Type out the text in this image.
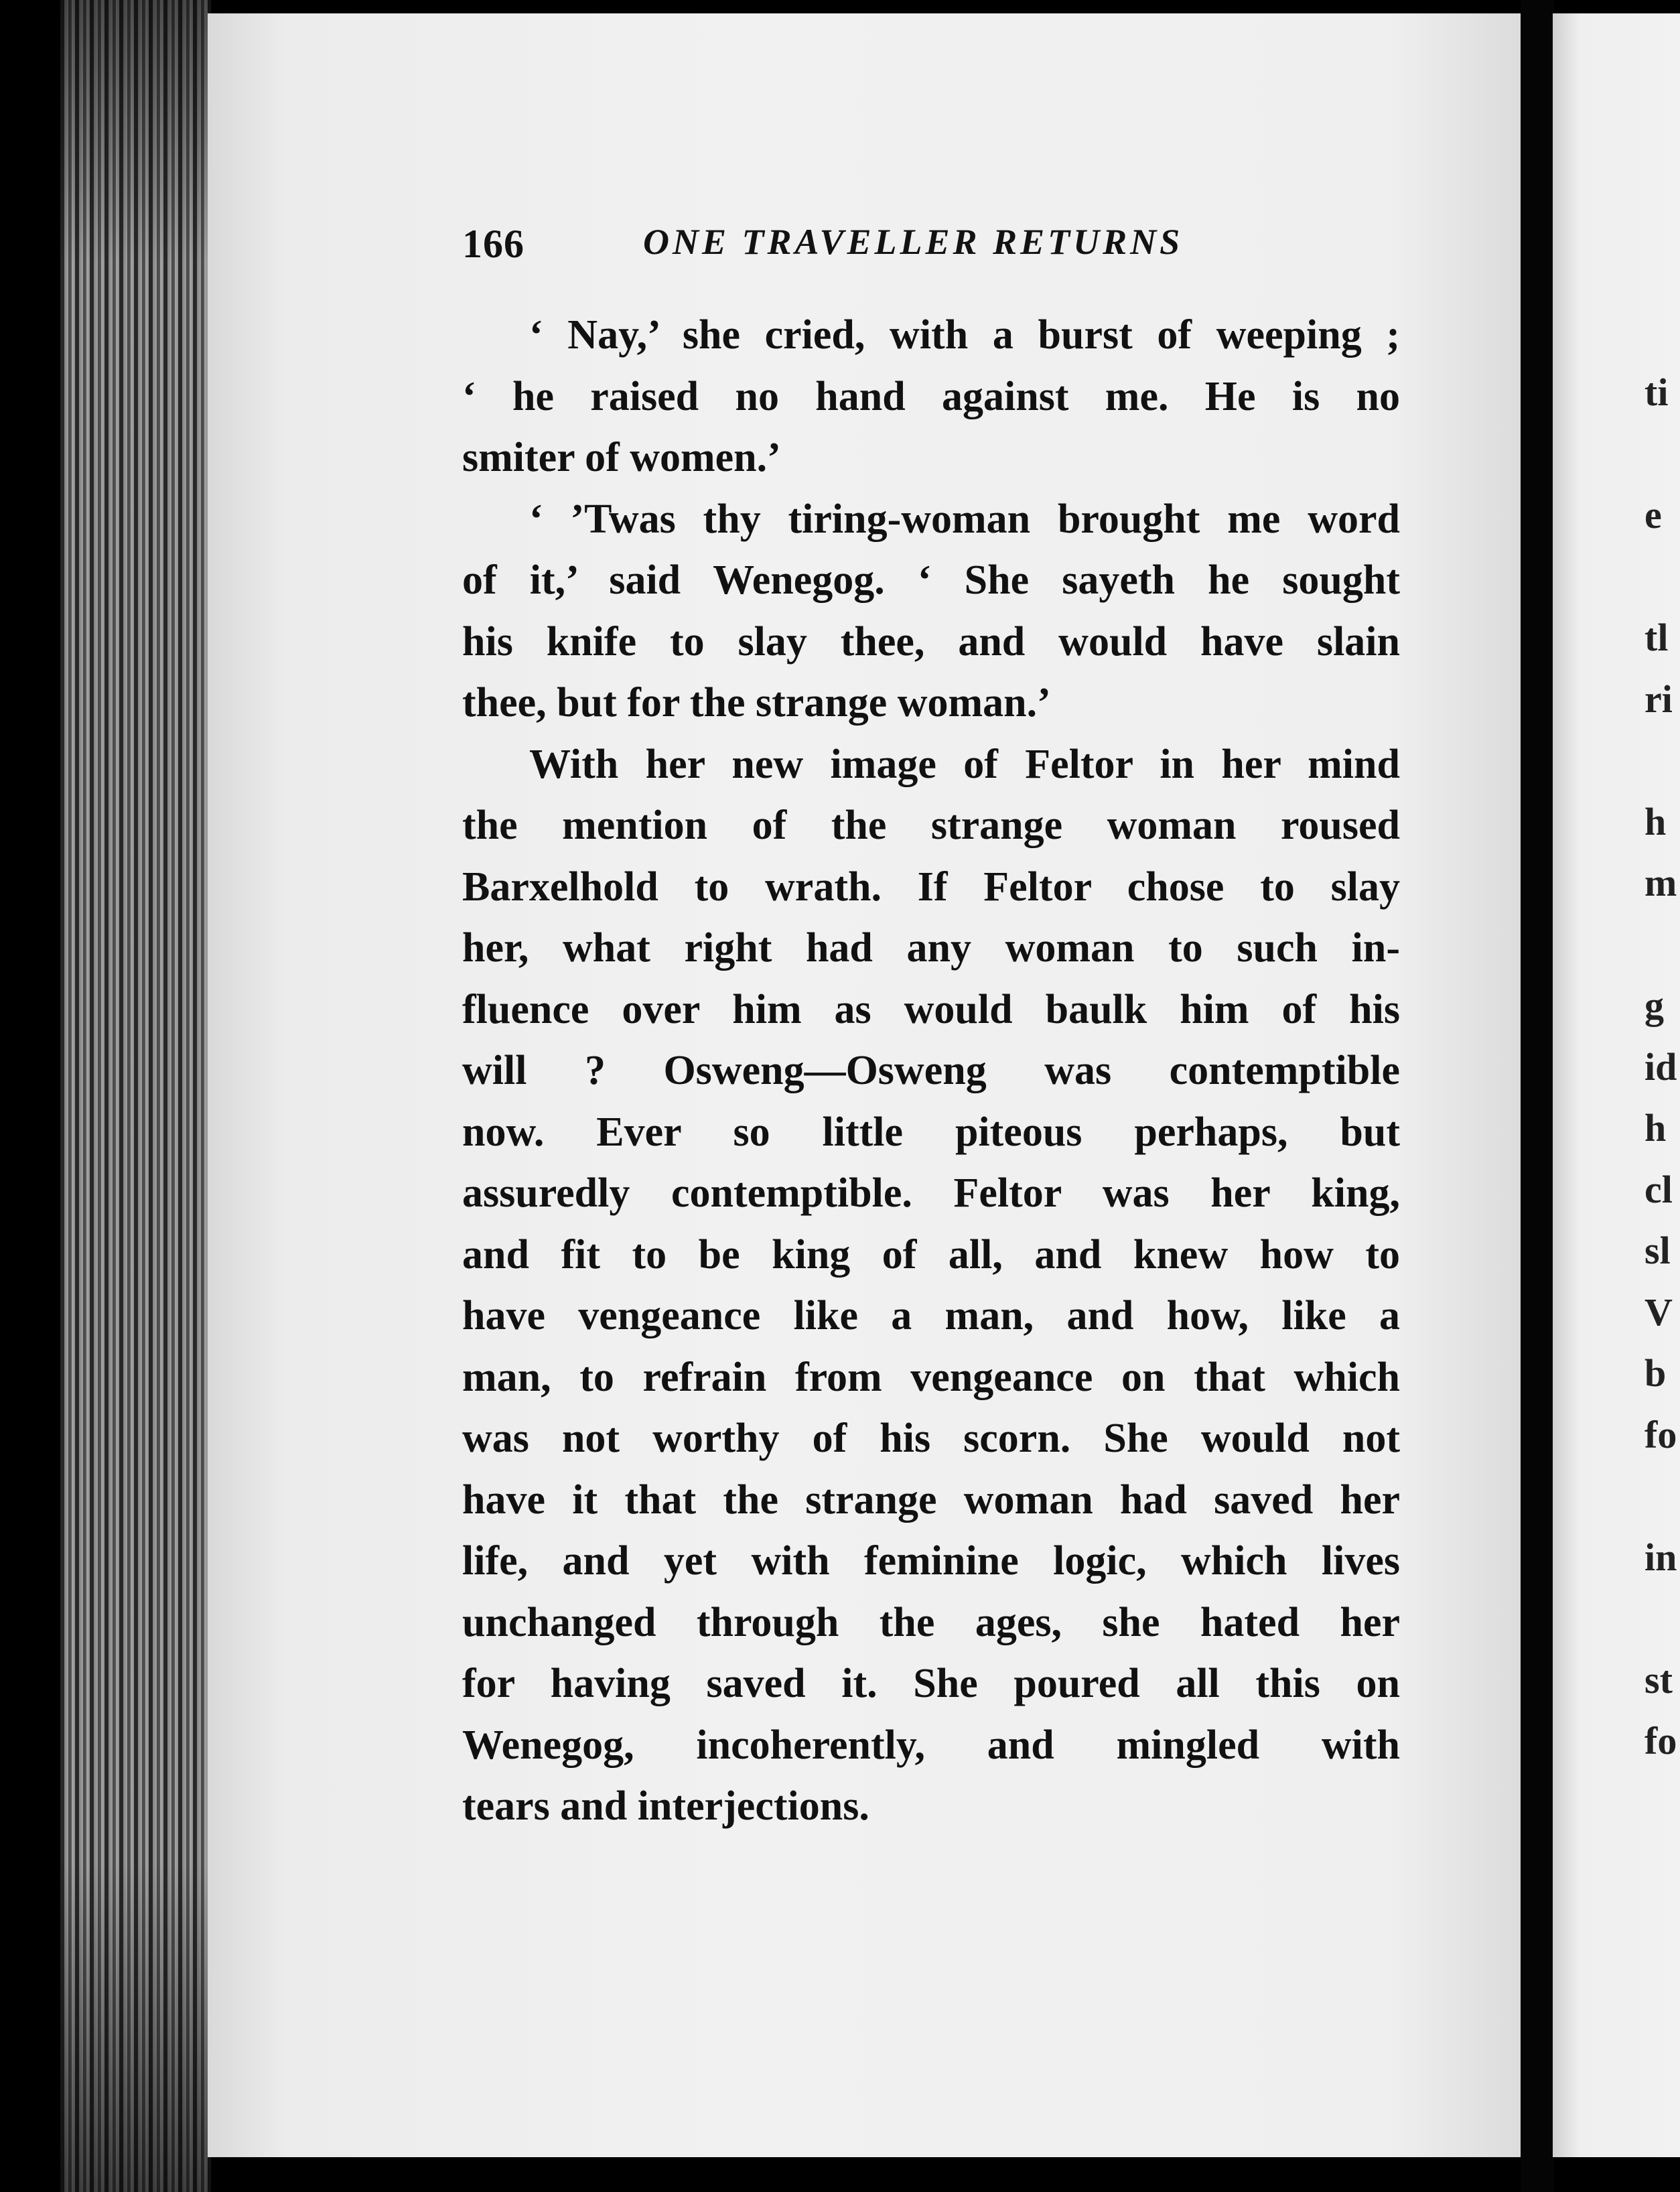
166	ONE TRAVELLER RETURNS
‘ Nay,’ she cried, with a burst of weeping ;
‘ he raised no hand against me. He is no
smiter of women.’
‘ ’Twas thy tiring-woman brought me word
of it,’ said Wenegog. ‘ She sayeth he sought
his knife to slay thee, and would have slain
thee, but for the strange woman.’
With her new image of Feltor in her mind
the mention of the strange woman roused
Barxelhold to wrath. If Feltor chose to slay
her, what right had any woman to such in-
fluence over him as would baulk him of his
will ? Osweng—Osweng was contemptible
now. Ever so little piteous perhaps, but
assuredly contemptible. Feltor was her king,
and fit to be king of all, and knew how to
have vengeance like a man, and how, like a
man, to refrain from vengeance on that which
was not worthy of his scorn. She would not
have it that the strange woman had saved her
life, and yet with feminine logic, which lives
unchanged through the ages, she hated her
for having saved it. She poured all this on
Wenegog, incoherently, and mingled with
tears and interjections.
ti
e
tl
ri
h
m
g
id
h
cl
sl
V
b
fo
in
st
fo
